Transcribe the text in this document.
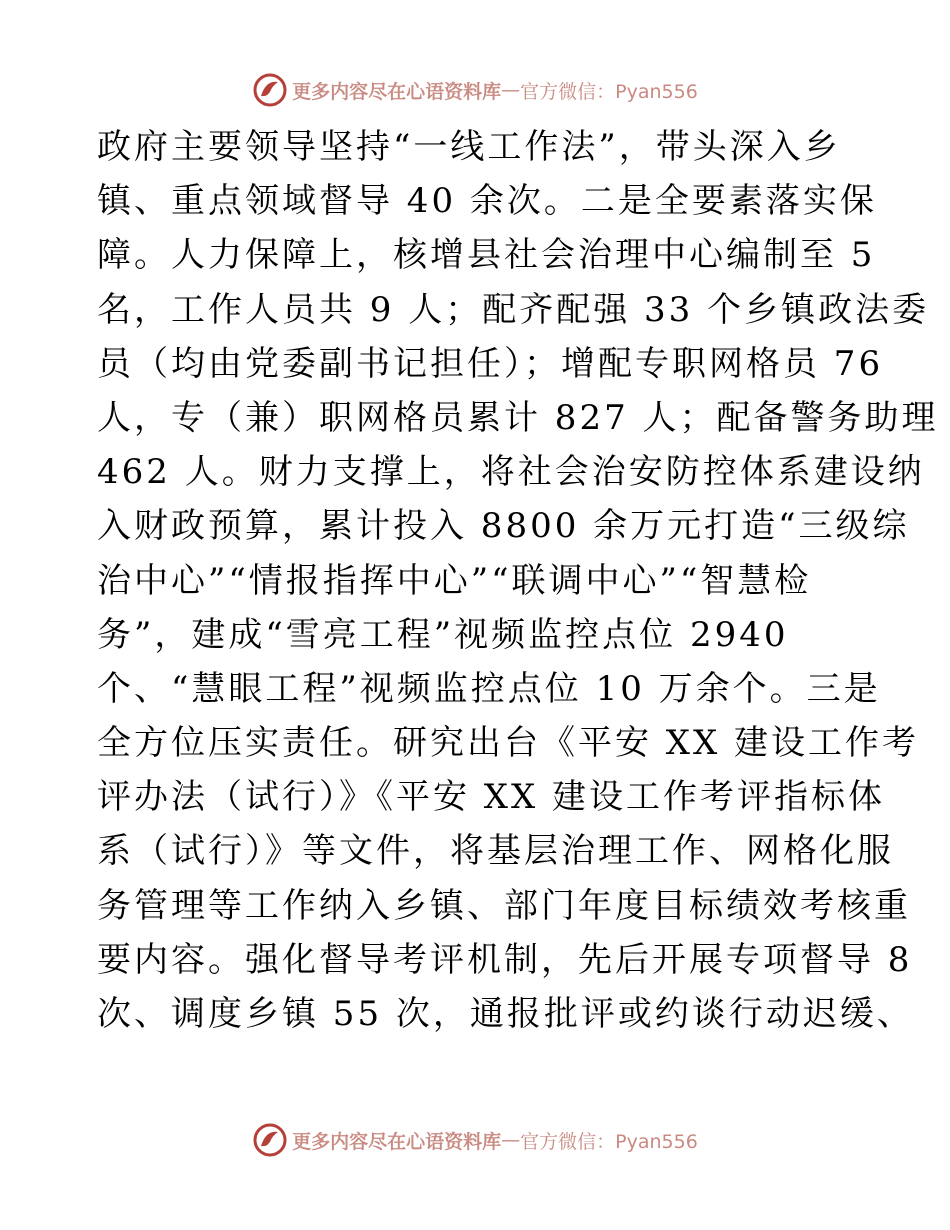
更多内容尽在心语资料库 — 官方微信：Pyan556
政府主要领导坚持“一线工作法”，带头深入乡
镇、重点领域督导 40 余次。二是全要素落实保
障。人力保障上，核增县社会治理中心编制至 5
名，工作人员共 9 人；配齐配强 33 个乡镇政法委
员（均由党委副书记担任）；增配专职网格员 76
人，专（兼）职网格员累计 827 人；配备警务助理
462 人。财力支撑上，将社会治安防控体系建设纳
入财政预算，累计投入 8800 余万元打造“三级综
治中心”“情报指挥中心”“联调中心”“智慧检
务”，建成“雪亮工程”视频监控点位 2940
个、“慧眼工程”视频监控点位 10 万余个。三是
全方位压实责任。研究出台《平安 XX 建设工作考
评办法（试行）》《平安 XX 建设工作考评指标体
系（试行）》等文件，将基层治理工作、网格化服
务管理等工作纳入乡镇、部门年度目标绩效考核重
要内容。强化督导考评机制，先后开展专项督导 8
次、调度乡镇 55 次，通报批评或约谈行动迟缓、
更多内容尽在心语资料库 — 官方微信：Pyan556
